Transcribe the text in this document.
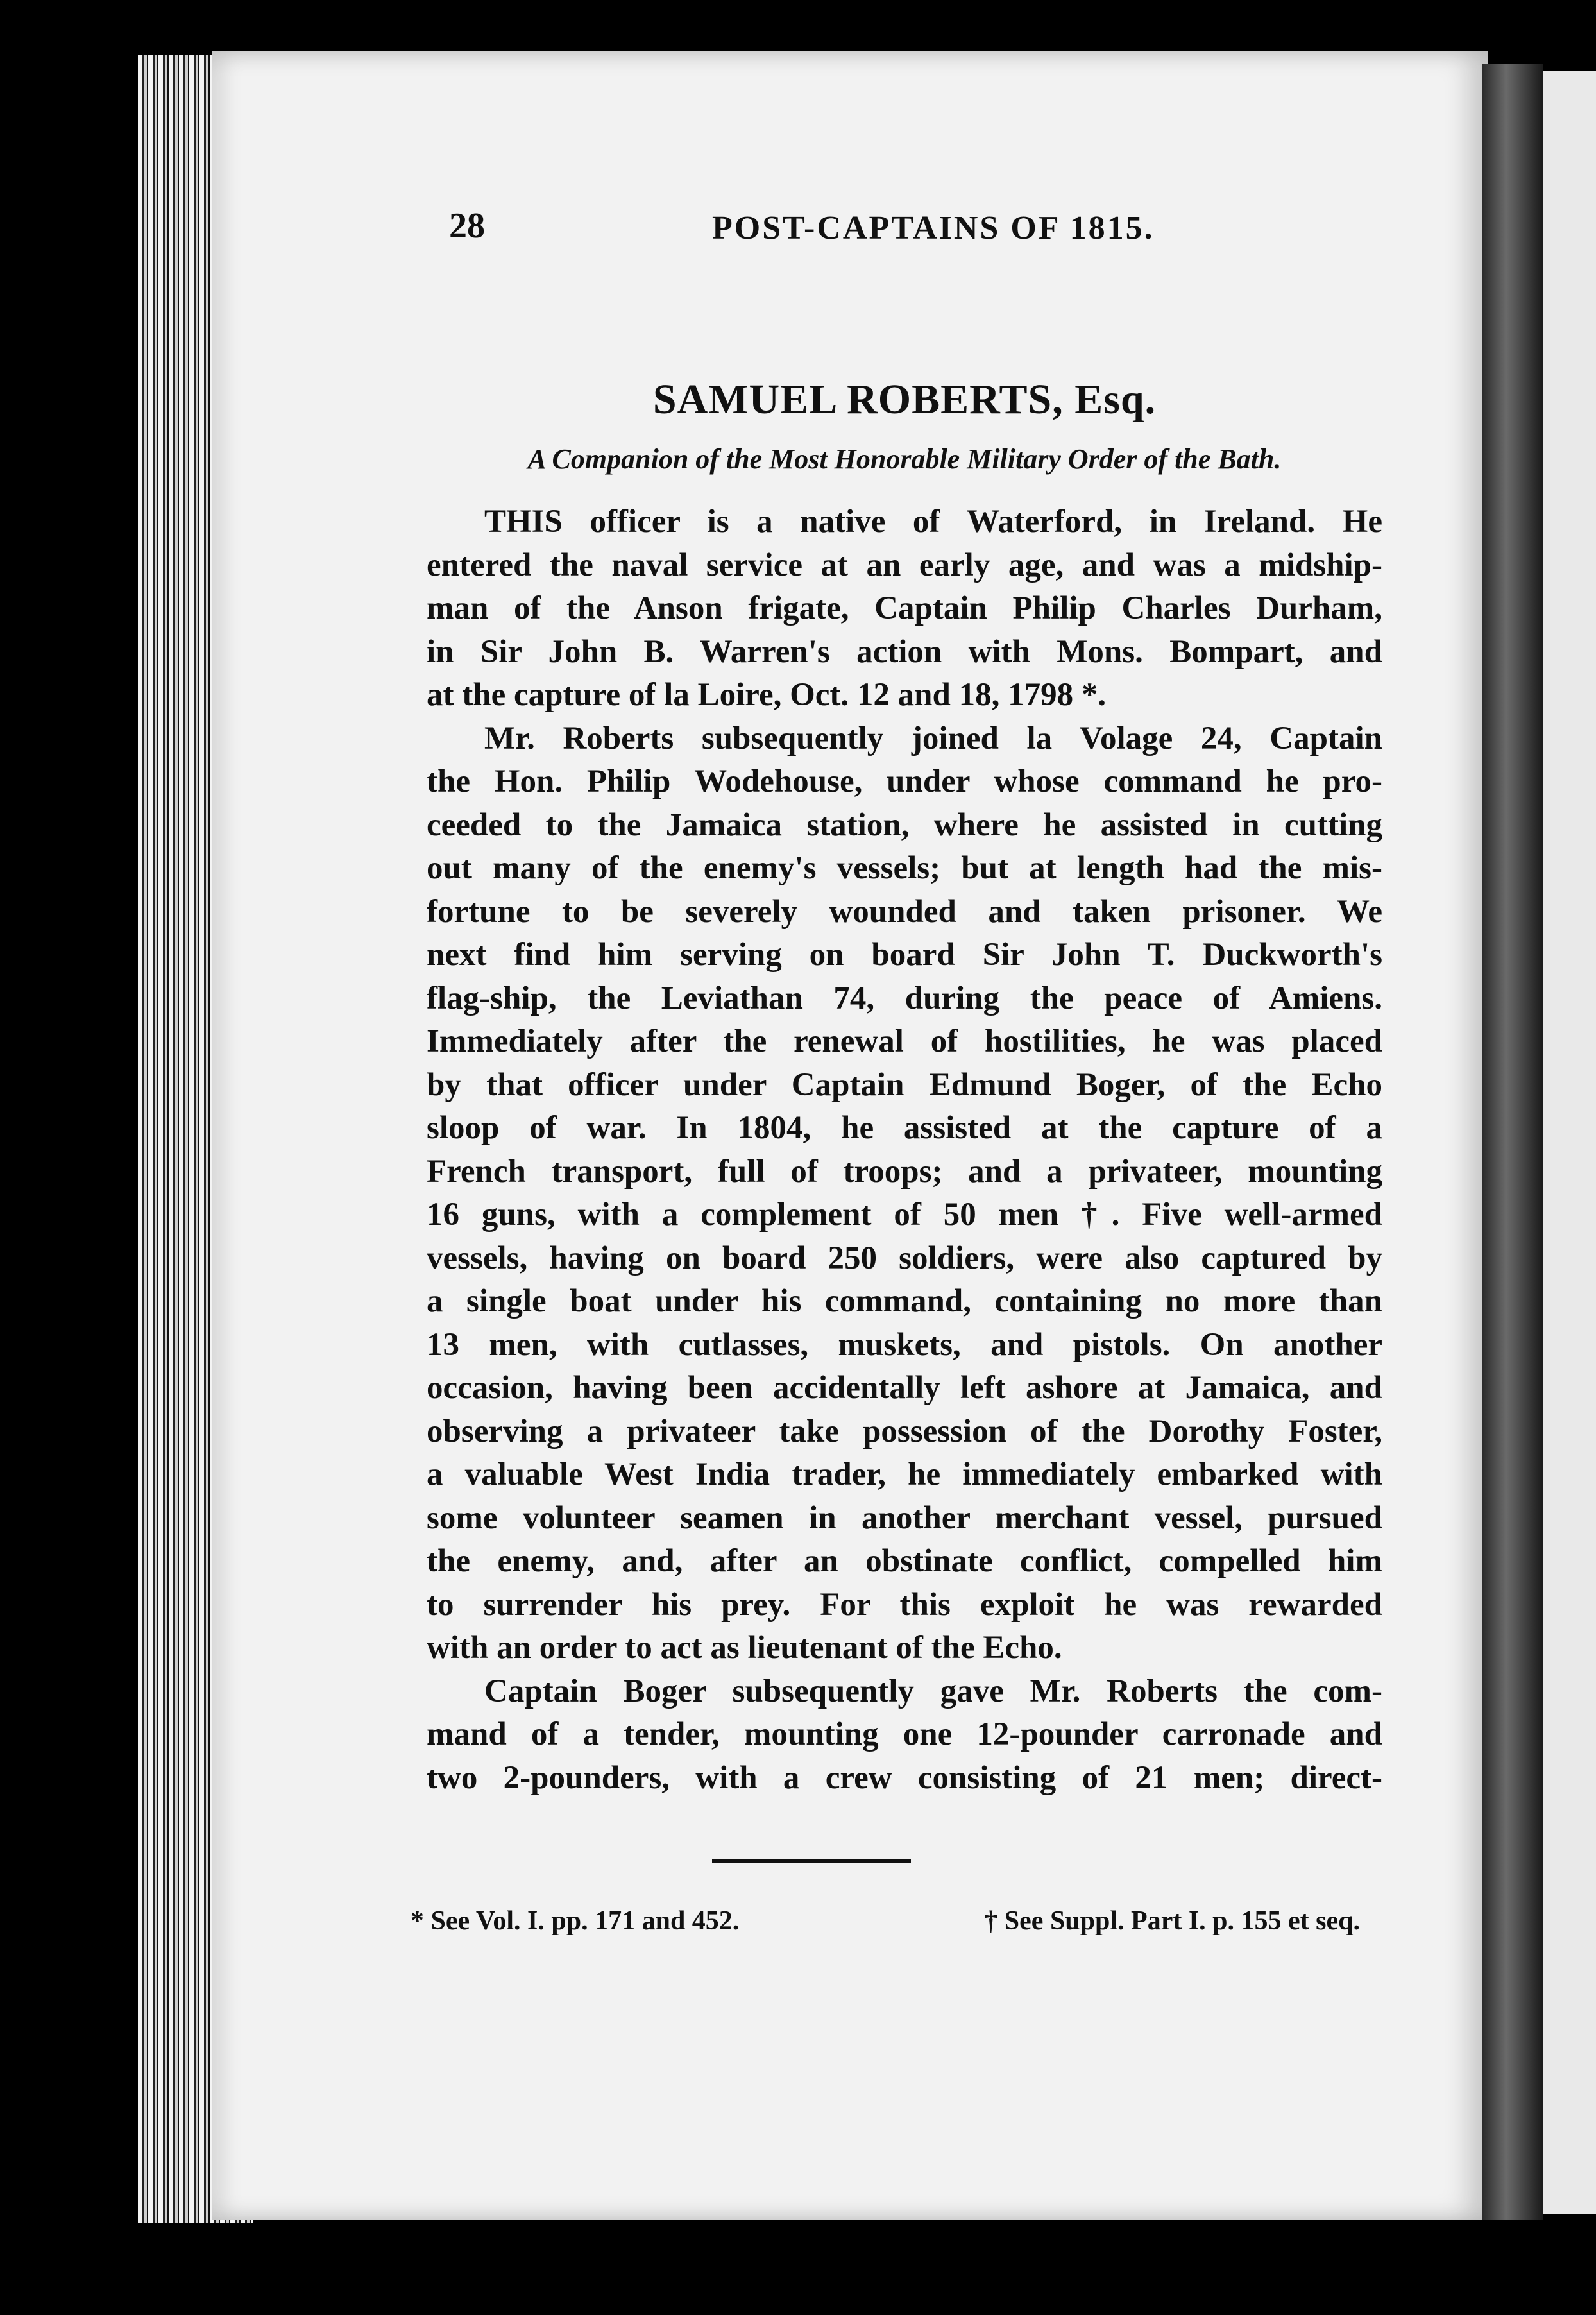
28	POST-CAPTAINS OF 1815.
SAMUEL ROBERTS, Esq.
A Companion of the Most Honorable Military Order of the Bath.
THIS officer is a native of Waterford, in Ireland. He
entered the naval service at an early age, and was a midship-
man of the Anson frigate, Captain Philip Charles Durham,
in Sir John B. Warren's action with Mons. Bompart, and
at the capture of la Loire, Oct. 12 and 18, 1798 *.
Mr. Roberts subsequently joined la Volage 24, Captain
the Hon. Philip Wodehouse, under whose command he pro-
ceeded to the Jamaica station, where he assisted in cutting
out many of the enemy's vessels; but at length had the mis-
fortune to be severely wounded and taken prisoner. We
next find him serving on board Sir John T. Duckworth's
flag-ship, the Leviathan 74, during the peace of Amiens.
Immediately after the renewal of hostilities, he was placed
by that officer under Captain Edmund Boger, of the Echo
sloop of war. In 1804, he assisted at the capture of a
French transport, full of troops; and a privateer, mounting
16 guns, with a complement of 50 men †. Five well-armed
vessels, having on board 250 soldiers, were also captured by
a single boat under his command, containing no more than
13 men, with cutlasses, muskets, and pistols. On another
occasion, having been accidentally left ashore at Jamaica, and
observing a privateer take possession of the Dorothy Foster,
a valuable West India trader, he immediately embarked with
some volunteer seamen in another merchant vessel, pursued
the enemy, and, after an obstinate conflict, compelled him
to surrender his prey. For this exploit he was rewarded
with an order to act as lieutenant of the Echo.
Captain Boger subsequently gave Mr. Roberts the com-
mand of a tender, mounting one 12-pounder carronade and
two 2-pounders, with a crew consisting of 21 men; direct-
* See Vol. I. pp. 171 and 452.	† See Suppl. Part I. p. 155 et seq.
